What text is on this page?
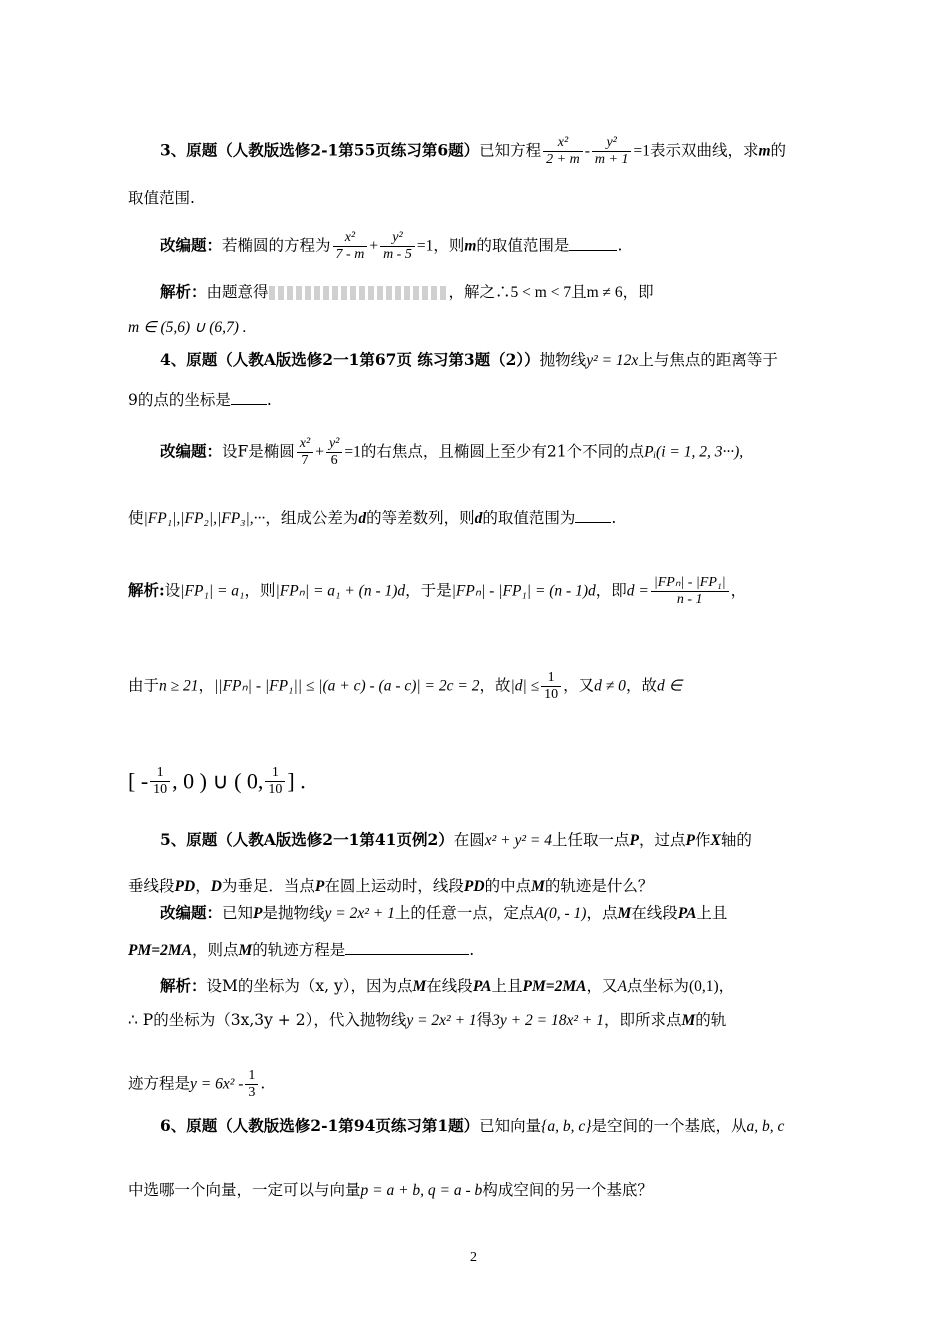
3、原题（人教版选修2-1第55页练习第6题）已知方程 $\frac{\text{x²}}{2 + m} - \frac{\text{y²}}{m + 1} =1$表示双曲线，求m的
取值范围.
改编题：若椭圆的方程为 $\frac{\text{x²}}{7 - m} + \frac{\text{y²}}{m - 5} =1$，则m的取值范围是	.
解析：由题意得	，解之∴5 < m < 7且m ≠ 6，即
m ∈ (5,6) ∪ (6,7) .
4、原题（人教A版选修2一1第67页 练习第3题（2））抛物线y² = 12x上与焦点的距离等于
9的点的坐标是 .
改编题：设F是椭圆 $\frac{\text{x²}}{7} + \frac{\text{y²}}{6} =1$的右焦点，且椭圆上至少有21个不同的点Pᵢ(i = 1, 2, 3···),
使|FP₁|,|FP₂|,|FP₃|,···，组成公差为d的等差数列，则d的取值范围为 .
解析:设|FP₁| = a₁，则|FPₙ| = a₁ + (n - 1)d，于是|FPₙ| - |FP₁| = (n - 1)d，即$d = \frac{\text{|FPₙ| - |FP₁|}}{n - 1}$ ，
由于n ≥ 21，||FPₙ| - |FP₁|| ≤ |(a + c) - (a - c)| = 2c = 2，故$|d| \le \frac{1}{10}$ ，又d ≠ 0，故d ∈
[ - $\frac{1}{10}$ , 0 ) ∪ ( 0, $\frac{1}{10}$ ] .
5、原题（人教A版选修2一1第41页例2）在圆x² + y² = 4上任取一点P，过点P作X轴的
垂线段PD，D为垂足．当点P在圆上运动时，线段PD的中点M的轨迹是什么？
改编题：已知P是抛物线y = 2x² + 1上的任意一点，定点A(0, - 1)，点M在线段PA上且
PM=2MA，则点M的轨迹方程是	.
解析：设M的坐标为（x, y），因为点M在线段PA上且PM=2MA，又A点坐标为(0,1)，
∴ P的坐标为（3x,3y + 2），代入抛物线y = 2x² + 1得3y + 2 = 18x² + 1，即所求点M的轨
迹方程是$y = 6x^2 - \frac{1}{3}$ .
6、原题（人教版选修2-1第94页练习第1题）已知向量{a, b, c}是空间的一个基底，从a, b, c
中选哪一个向量，一定可以与向量p = a + b, q = a - b构成空间的另一个基底？
2
